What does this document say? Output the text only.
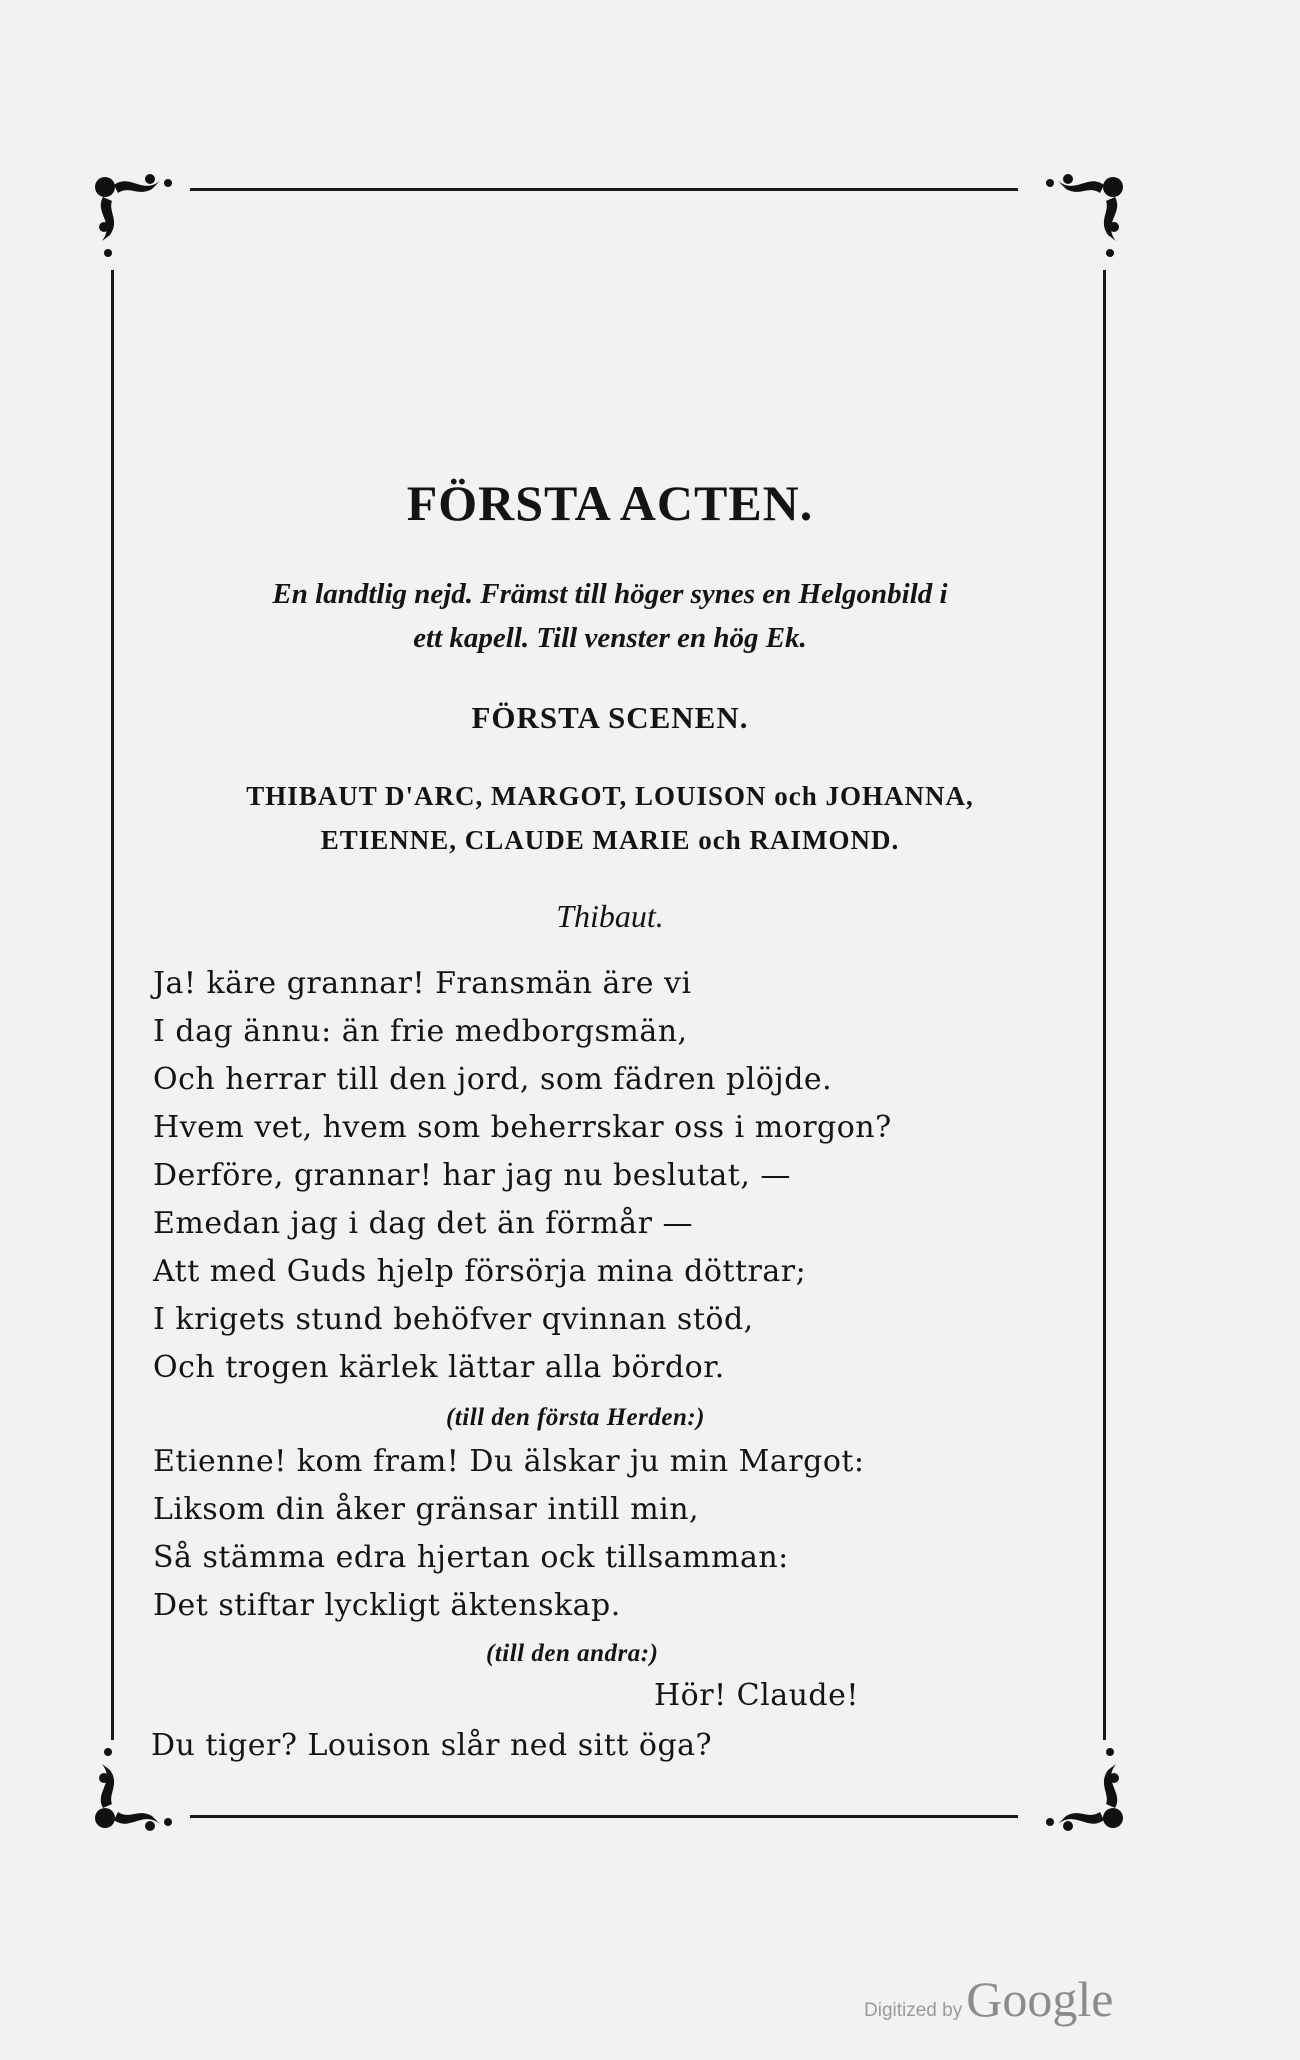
FÖRSTA ACTEN.
En landtlig nejd. Främst till höger synes en Helgonbild i
ett kapell. Till venster en hög Ek.
FÖRSTA SCENEN.
THIBAUT D'ARC, MARGOT, LOUISON och JOHANNA,
ETIENNE, CLAUDE MARIE och RAIMOND.
Thibaut.
Ja! käre grannar! Fransmän äre vi
I dag ännu: än frie medborgsmän,
Och herrar till den jord, som fädren plöjde.
Hvem vet, hvem som beherrskar oss i morgon?
Derföre, grannar! har jag nu beslutat, —
Emedan jag i dag det än förmår —
Att med Guds hjelp försörja mina döttrar;
I krigets stund behöfver qvinnan stöd,
Och trogen kärlek lättar alla bördor.
(till den första Herden:)
Etienne! kom fram! Du älskar ju min Margot:
Liksom din åker gränsar intill min,
Så stämma edra hjertan ock tillsamman:
Det stiftar lyckligt äktenskap.
(till den andra:)
Hör! Claude!
Du tiger? Louison slår ned sitt öga?
Digitized byGoogle
